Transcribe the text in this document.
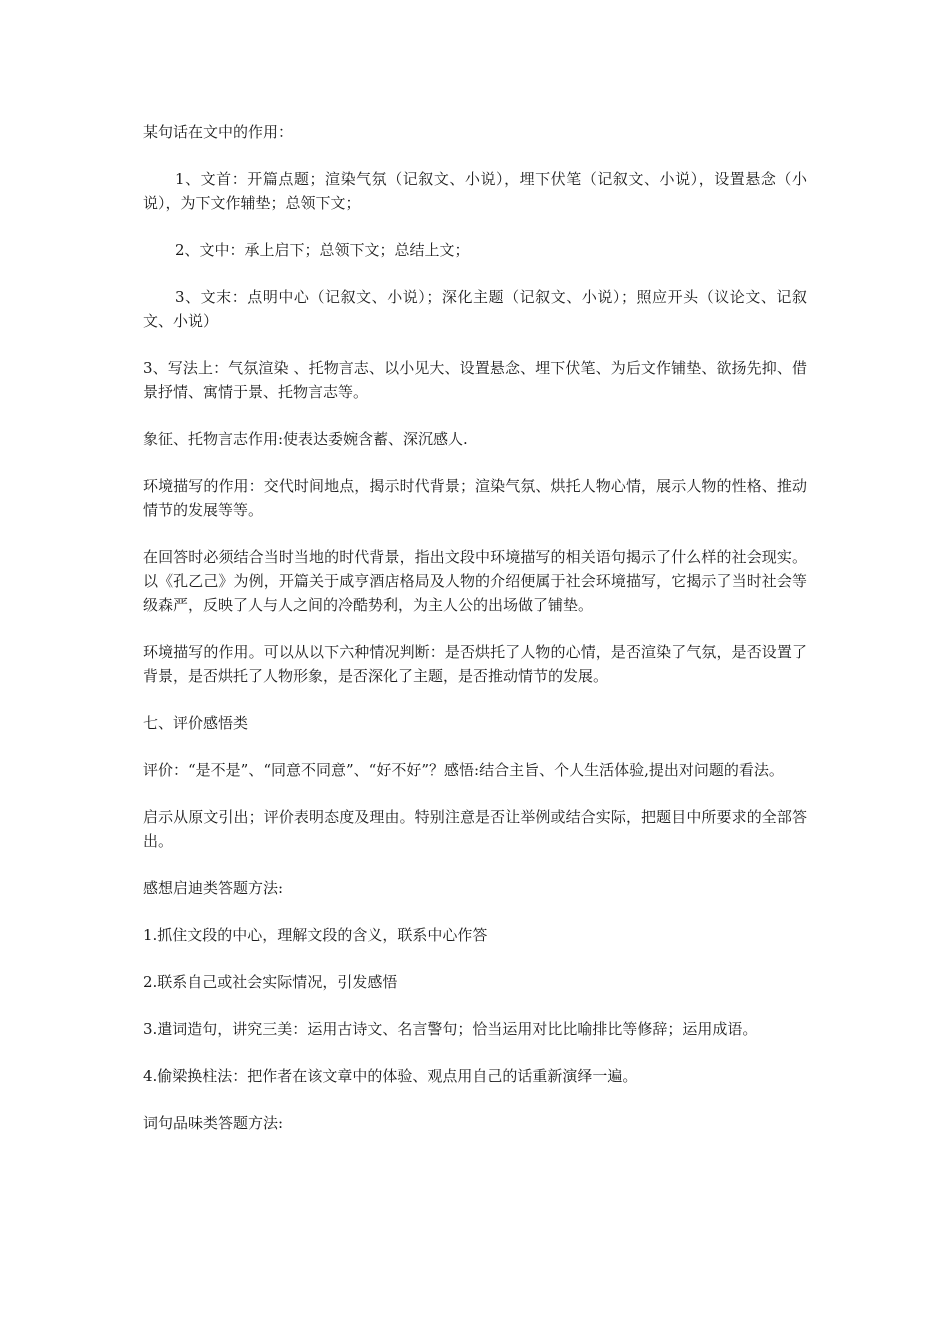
某句话在文中的作用：

1、文首：开篇点题；渲染气氛（记叙文、小说），埋下伏笔（记叙文、小说），设置悬念（小说），为下文作辅垫；总领下文；

2、文中：承上启下；总领下文；总结上文；

3、文末：点明中心（记叙文、小说）；深化主题（记叙文、小说）；照应开头（议论文、记叙文、小说）

3、写法上：气氛渲染 、托物言志、以小见大、设置悬念、埋下伏笔、为后文作铺垫、欲扬先抑、借景抒情、寓情于景、托物言志等。

象征、托物言志作用:使表达委婉含蓄、深沉感人.

环境描写的作用：交代时间地点，揭示时代背景；渲染气氛、烘托人物心情，展示人物的性格、推动情节的发展等等。

在回答时必须结合当时当地的时代背景，指出文段中环境描写的相关语句揭示了什么样的社会现实。以《孔乙己》为例，开篇关于咸亨酒店格局及人物的介绍便属于社会环境描写，它揭示了当时社会等级森严，反映了人与人之间的冷酷势利，为主人公的出场做了铺垫。

环境描写的作用。可以从以下六种情况判断：是否烘托了人物的心情，是否渲染了气氛，是否设置了背景，是否烘托了人物形象，是否深化了主题，是否推动情节的发展。

七、评价感悟类

评价：“是不是”、“同意不同意”、“好不好”？感悟:结合主旨、个人生活体验,提出对问题的看法。

启示从原文引出；评价表明态度及理由。特别注意是否让举例或结合实际，把题目中所要求的全部答出。

感想启迪类答题方法:

1.抓住文段的中心，理解文段的含义，联系中心作答

2.联系自己或社会实际情况，引发感悟

3.遣词造句，讲究三美：运用古诗文、名言警句；恰当运用对比比喻排比等修辞；运用成语。

4.偷梁换柱法：把作者在该文章中的体验、观点用自己的话重新演绎一遍。

词句品味类答题方法:
